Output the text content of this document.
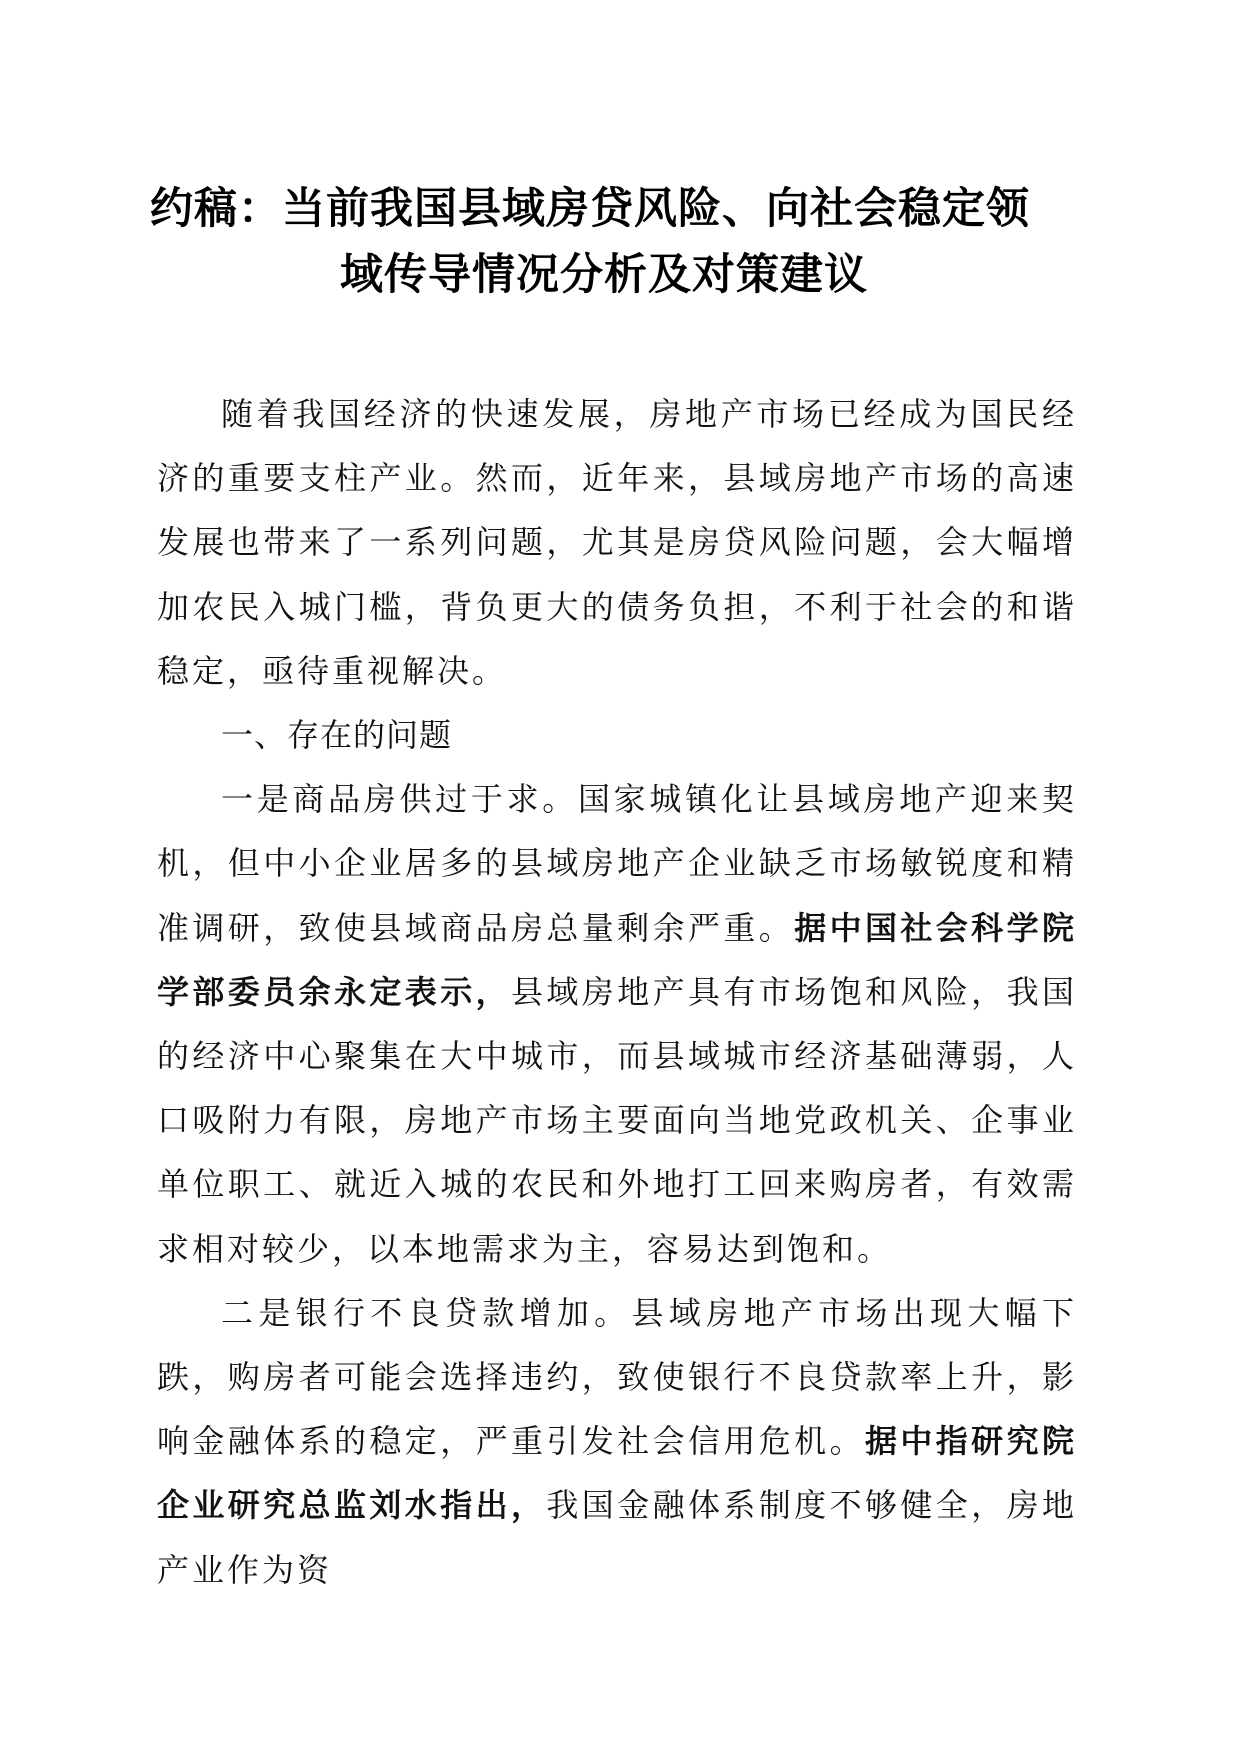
约稿：当前我国县域房贷风险、向社会稳定领
域传导情况分析及对策建议

随着我国经济的快速发展，房地产市场已经成为国民经济的重要支柱产业。然而，近年来，县域房地产市场的高速发展也带来了一系列问题，尤其是房贷风险问题，会大幅增加农民入城门槛，背负更大的债务负担，不利于社会的和谐稳定，亟待重视解决。

一、存在的问题

一是商品房供过于求。国家城镇化让县域房地产迎来契机，但中小企业居多的县域房地产企业缺乏市场敏锐度和精准调研，致使县域商品房总量剩余严重。据中国社会科学院学部委员余永定表示，县域房地产具有市场饱和风险，我国的经济中心聚集在大中城市，而县域城市经济基础薄弱，人口吸附力有限，房地产市场主要面向当地党政机关、企事业单位职工、就近入城的农民和外地打工回来购房者，有效需求相对较少，以本地需求为主，容易达到饱和。

二是银行不良贷款增加。县域房地产市场出现大幅下跌，购房者可能会选择违约，致使银行不良贷款率上升，影响金融体系的稳定，严重引发社会信用危机。据中指研究院企业研究总监刘水指出，我国金融体系制度不够健全，房地产业作为资
